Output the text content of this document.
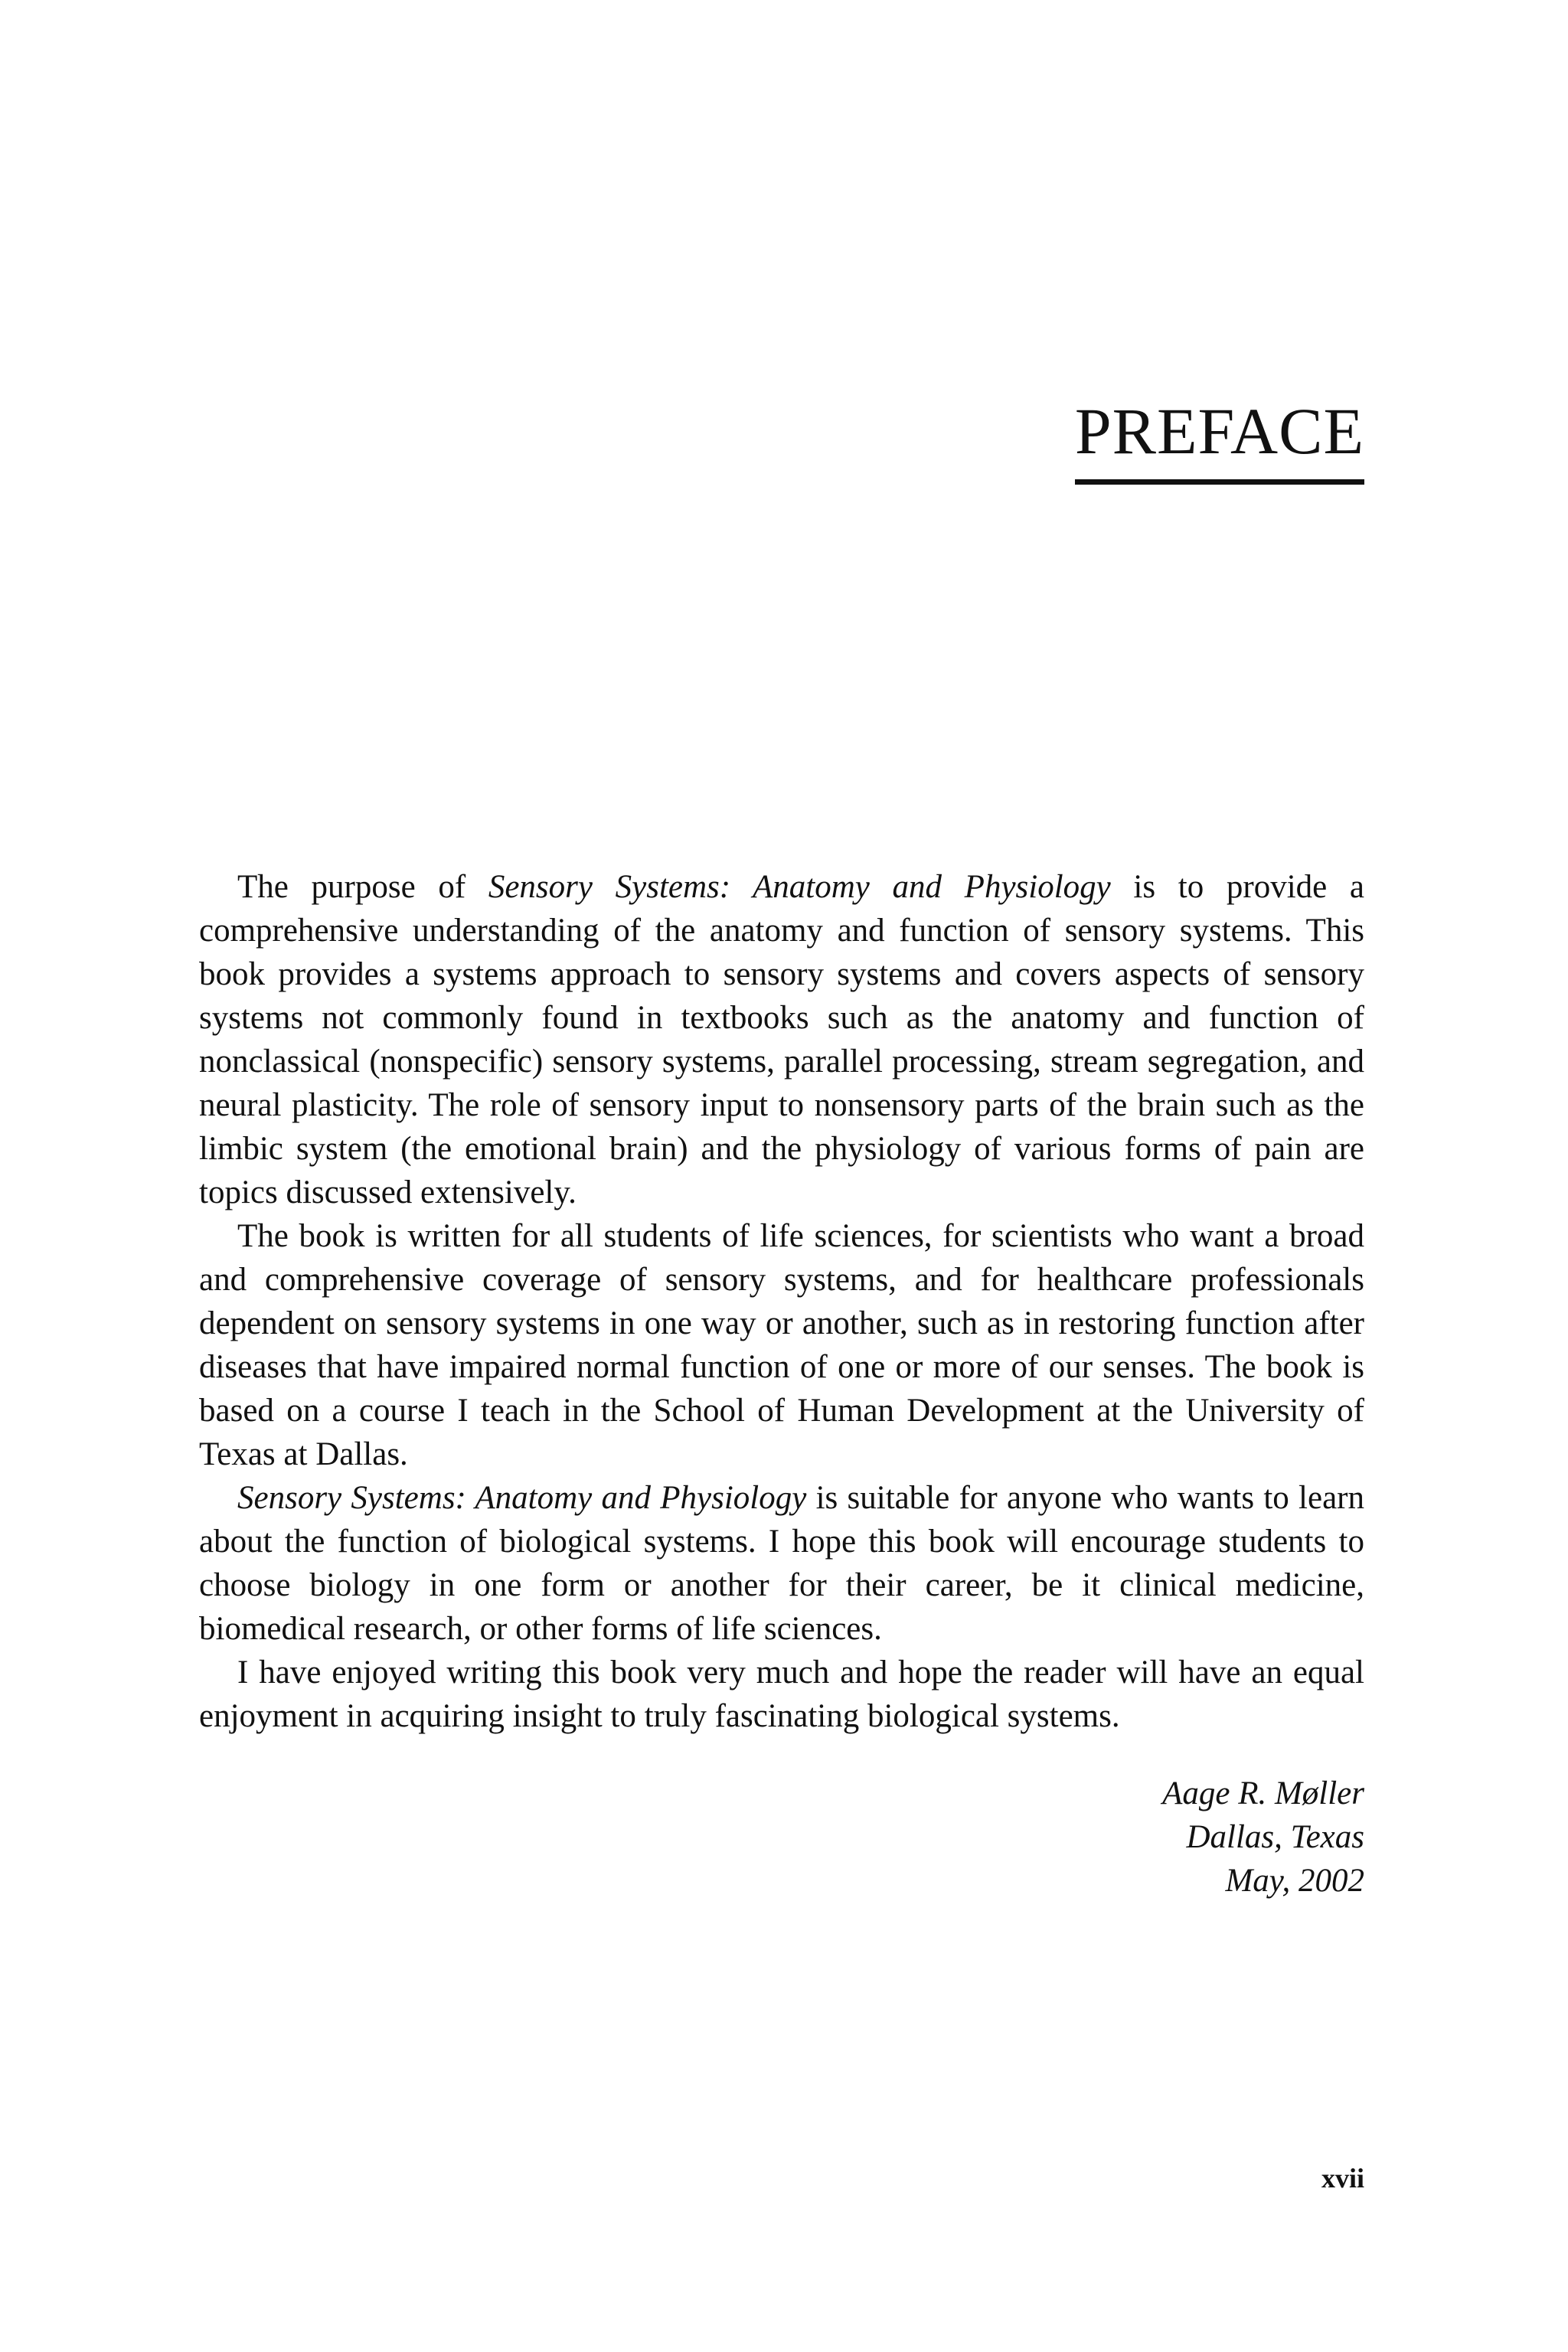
PREFACE

The purpose of Sensory Systems: Anatomy and Physiology is to provide a comprehensive understanding of the anatomy and function of sensory systems. This book provides a systems approach to sensory systems and covers aspects of sensory systems not commonly found in textbooks such as the anatomy and function of nonclassical (nonspecific) sensory systems, parallel processing, stream segregation, and neural plasticity. The role of sensory input to nonsensory parts of the brain such as the limbic system (the emotional brain) and the physiology of various forms of pain are topics discussed extensively.

The book is written for all students of life sciences, for scientists who want a broad and comprehensive coverage of sensory systems, and for healthcare professionals dependent on sensory systems in one way or another, such as in restoring function after diseases that have impaired normal function of one or more of our senses. The book is based on a course I teach in the School of Human Development at the University of Texas at Dallas.

Sensory Systems: Anatomy and Physiology is suitable for anyone who wants to learn about the function of biological systems. I hope this book will encourage students to choose biology in one form or another for their career, be it clinical medicine, biomedical research, or other forms of life sciences.

I have enjoyed writing this book very much and hope the reader will have an equal enjoyment in acquiring insight to truly fascinating biological systems.

Aage R. Møller
Dallas, Texas
May, 2002
xvii
